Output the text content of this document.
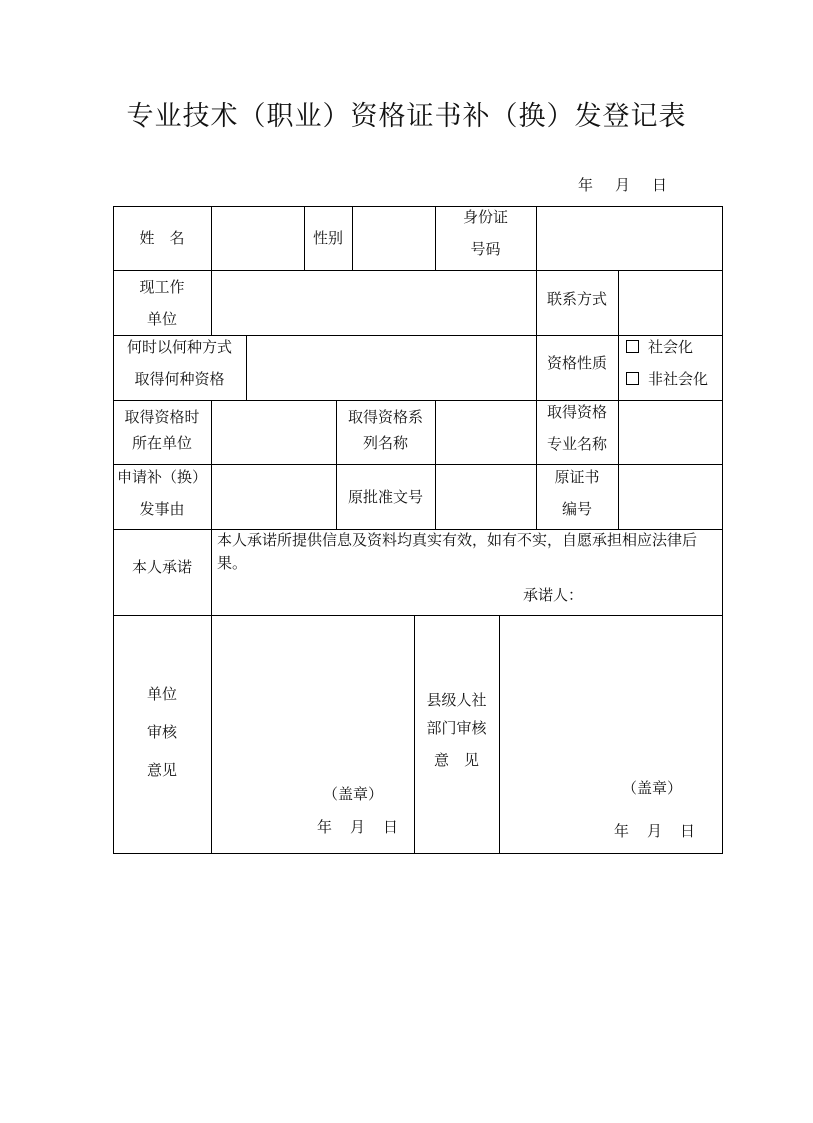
专业技术（职业）资格证书补（换）发登记表
年 月 日
姓　名	性别
身份证
号码
现工作
单位
联系方式
何时以何种方式
取得何种资格
资格性质
社会化
非社会化
取得资格时
所在单位
取得资格系
列名称
取得资格
专业名称
申请补（换）
发事由
原批准文号
原证书
编号
本人承诺
本人承诺所提供信息及资料均真实有效，如有不实，自愿承担相应法律后果。
承诺人：
单位
审核
意见
（盖章）
年 月 日
县级人社
部门审核
意　见
（盖章）
年 月 日
